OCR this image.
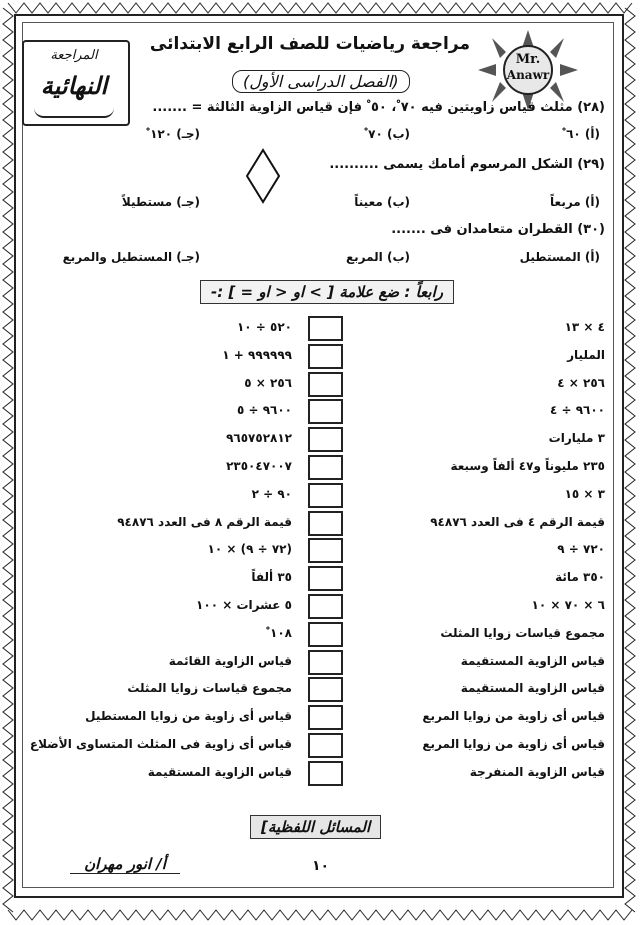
المراجعة
النهائية
Mr.
Anawr
مراجعة رياضيات للصف الرابع الابتدائى
(الفصل الدراسى الأول)
(٢٨) مثلث قياس زاويتين فيه ٧٠ ْ، ٥٠ ْ فإن قياس الزاوية الثالثة = .......
(أ) ٦٠ ْ
(ب) ٧٠ ْ
(جـ) ١٢٠ ْ
(٢٩) الشكل المرسوم أمامك يسمى ..........
(أ) مربعاً
(ب) معيناً
(جـ) مستطيلاً
(٣٠) القطران متعامدان فى .......
(أ) المستطيل
(ب) المربع
(جـ) المستطيل والمربع
رابعاً : ضع علامة [ > او < او = ] :-
٤ × ١٣
٥٢٠ ÷ ١٠
المليار
٩٩٩٩٩٩ + ١
٢٥٦ × ٤
٢٥٦ × ٥
٩٦٠٠ ÷ ٤
٩٦٠٠ ÷ ٥
٣ مليارات
٩٦٥٧٥٢٨١٢
٢٣٥ مليوناً و٤٧ ألفاً وسبعة
٢٣٥٠٤٧٠٠٧
٣ × ١٥
٩٠ ÷ ٢
قيمة الرقم ٤ فى العدد ٩٤٨٧٦
قيمة الرقم ٨ فى العدد ٩٤٨٧٦
٧٢٠ ÷ ٩
(٧٢ ÷ ٩) × ١٠
٣٥٠ مائة
٣٥ ألفاً
٦ × ٧٠ × ١٠
٥ عشرات × ١٠٠
مجموع قياسات زوايا المثلث
١٠٨ ْ
قياس الزاوية المستقيمة
قياس الزاوية القائمة
قياس الزاوية المستقيمة
مجموع قياسات زوايا المثلث
قياس أى زاوية من زوايا المربع
قياس أى زاوية من زوايا المستطيل
قياس أى زاوية من زوايا المربع
قياس أى زاوية فى المثلث المتساوى الأضلاع
قياس الزاوية المنفرجة
قياس الزاوية المستقيمة
المسائل اللفظية]
١٠
أ/ انور مهران
